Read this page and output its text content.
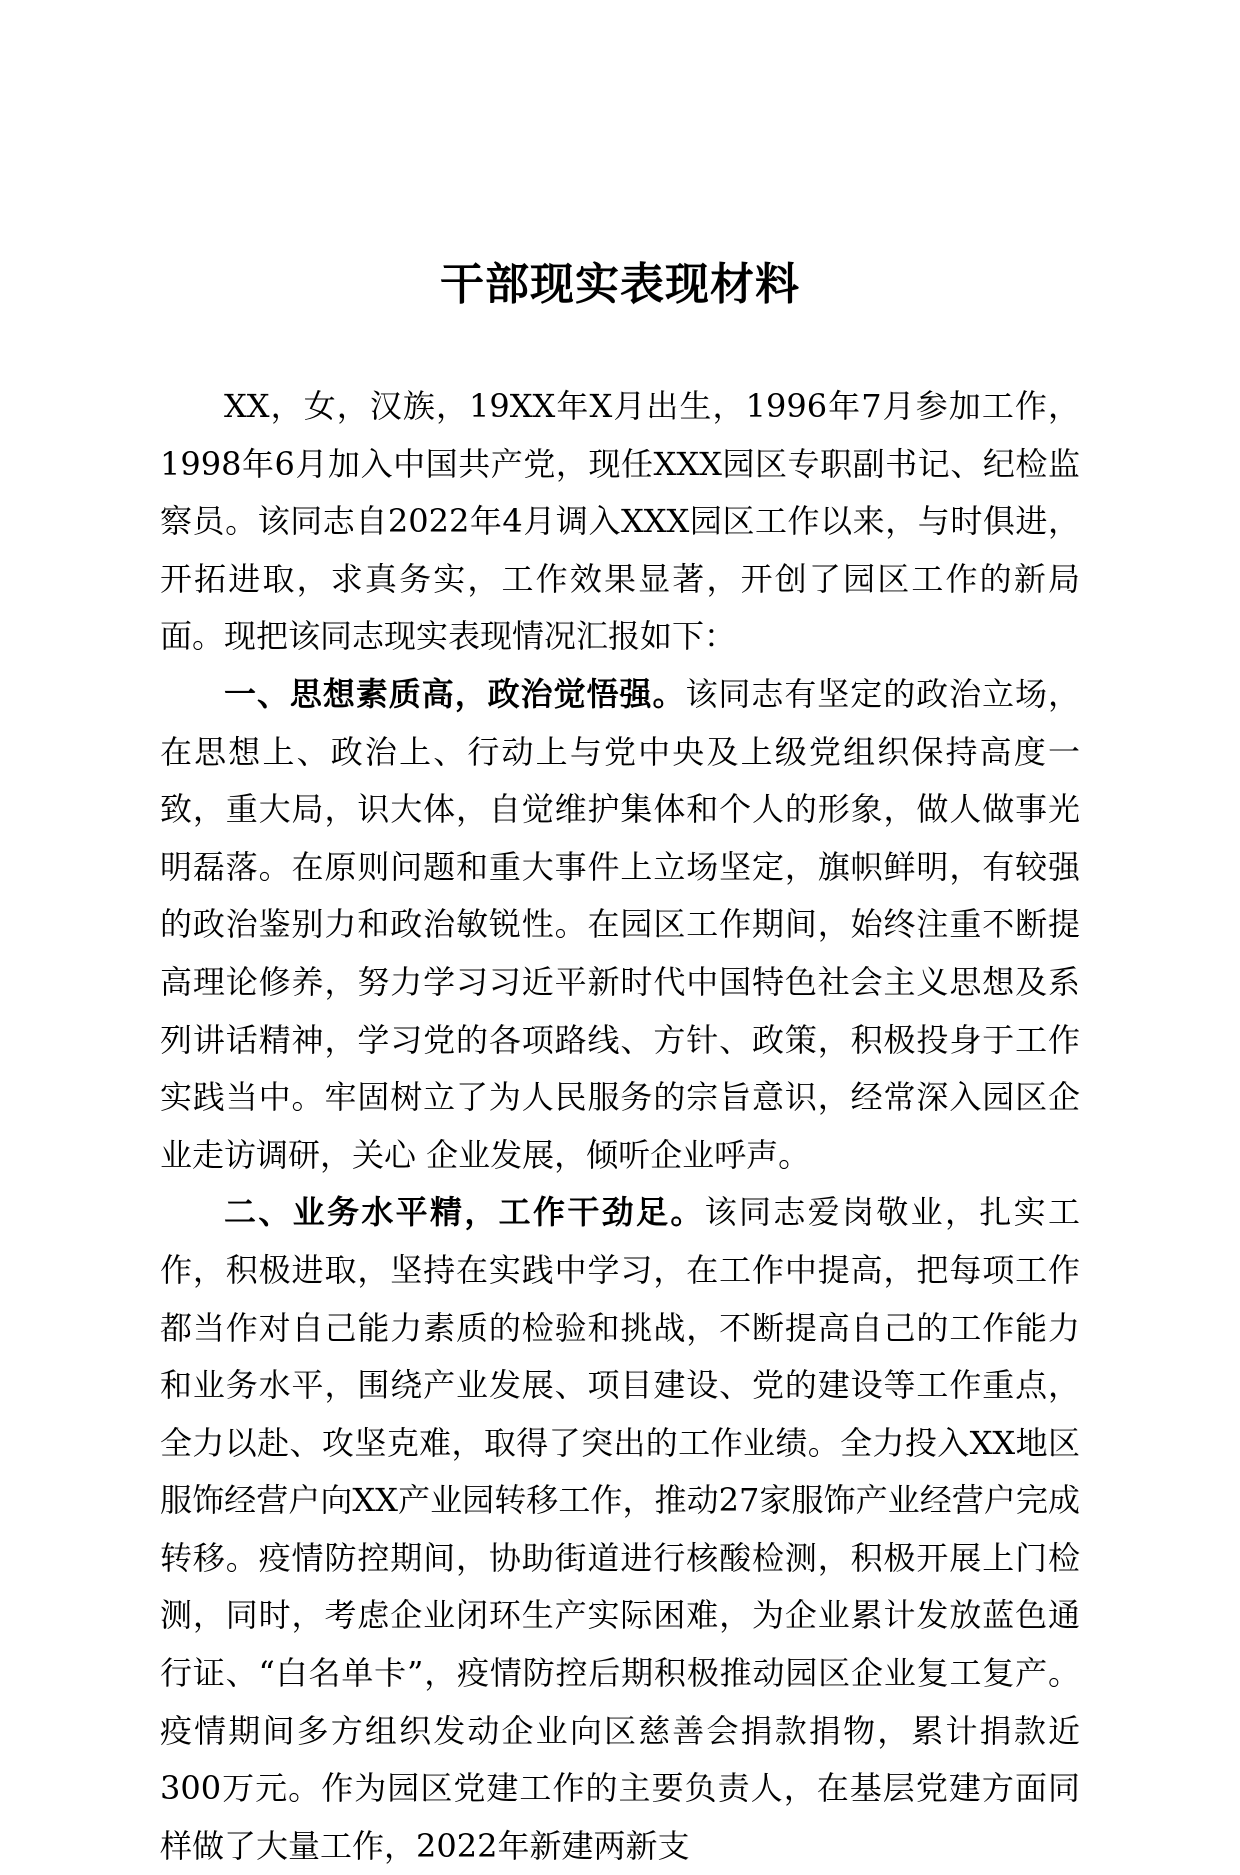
干部现实表现材料

XX，女，汉族，19XX年X月出生，1996年7月参加工作，1998年6月加入中国共产党，现任XXX园区专职副书记、纪检监察员。该同志自2022年4月调入XXX园区工作以来，与时俱进，开拓进取，求真务实，工作效果显著，开创了园区工作的新局面。现把该同志现实表现情况汇报如下：

一、思想素质高，政治觉悟强。该同志有坚定的政治立场，在思想上、政治上、行动上与党中央及上级党组织保持高度一致，重大局，识大体，自觉维护集体和个人的形象，做人做事光明磊落。在原则问题和重大事件上立场坚定，旗帜鲜明，有较强的政治鉴别力和政治敏锐性。在园区工作期间，始终注重不断提高理论修养，努力学习习近平新时代中国特色社会主义思想及系列讲话精神，学习党的各项路线、方针、政策，积极投身于工作实践当中。牢固树立了为人民服务的宗旨意识，经常深入园区企业走访调研，关心 企业发展，倾听企业呼声。

二、业务水平精，工作干劲足。该同志爱岗敬业，扎实工作，积极进取，坚持在实践中学习，在工作中提高，把每项工作都当作对自己能力素质的检验和挑战，不断提高自己的工作能力和业务水平，围绕产业发展、项目建设、党的建设等工作重点，全力以赴、攻坚克难，取得了突出的工作业绩。全力投入XX地区服饰经营户向XX产业园转移工作，推动27家服饰产业经营户完成转移。疫情防控期间，协助街道进行核酸检测，积极开展上门检测，同时，考虑企业闭环生产实际困难，为企业累计发放蓝色通行证、“白名单卡”，疫情防控后期积极推动园区企业复工复产。疫情期间多方组织发动企业向区慈善会捐款捐物，累计捐款近300万元。作为园区党建工作的主要负责人，在基层党建方面同样做了大量工作，2022年新建两新支
